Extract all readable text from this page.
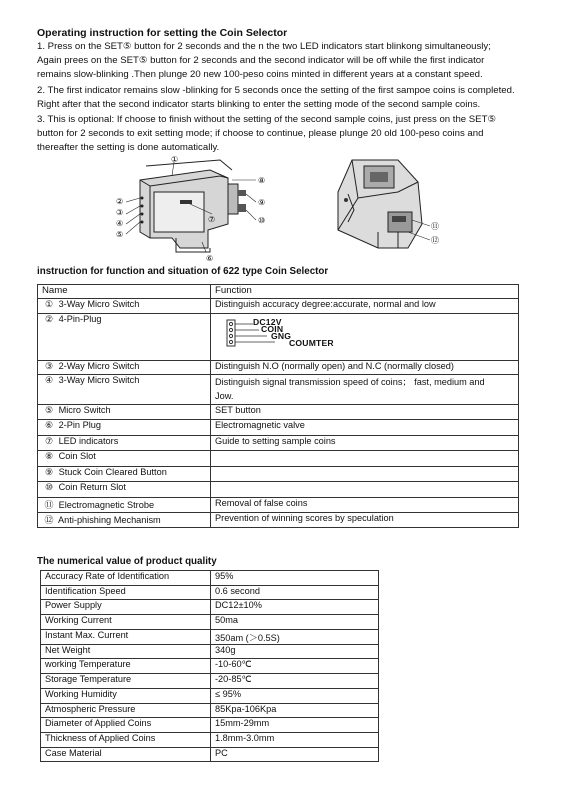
Operating instruction for setting the Coin Selector
1. Press on the SET⑤ button for 2 seconds and the n the two LED indicators start blinkong simultaneously;
Again prees on the SET⑤ button for 2 seconds and the second indicator will be off while the first indicator
remains slow-blinking .Then plunge 20 new 100-peso coins minted in different years at a constant speed.
2. The first indicator remains slow -blinking for 5 seconds once the setting of the first sampoe coins is completed.
Right after that the second indicator starts blinking to enter the setting mode of the second sample coins.
3. This is optional: If choose to finish without the setting of the second sample coins, just press on the SET⑤
button for 2 seconds to exit setting mode; if choose to continue, please plunge 20 old 100-peso coins and
thereafter the setting is done automatically.
①
②
③
④
⑤
⑥
⑦
⑧
⑨
⑩
⑪
⑫
instruction for function and situation of 622 type Coin Selector
Name	Function
① 3-Way Micro Switch	Distinguish accuracy degree:accurate, normal and low
② 4-Pin-Plug	DC12V
COIN
GNG
COUMTER

③ 2-Way Micro Switch	Distinguish N.O (normally open) and N.C (normally closed)
④ 3-Way Micro Switch	Distinguish signal transmission speed of coins； fast, medium and
Jow.

⑤ Micro Switch	SET button
⑥ 2-Pin Plug	Electromagnetic valve
⑦ LED indicators	Guide to setting sample coins
⑧ Coin Slot	
⑨ Stuck Coin Cleared Button	
⑩ Coin Return Slot	
⑪ Electromagnetic Strobe	Removal of false coins
⑫ Anti-phishing Mechanism	Prevention of winning scores by speculation
The numerical value of product quality
Accuracy Rate of Identification	95%
Identification Speed	0.6 second
Power Supply	DC12±10%
Working Current	50ma
Instant Max. Current	350am (＞0.5S)
Net Weight	340g
working Temperature	-10-60℃
Storage Temperature	-20-85℃
Working Humidity	≤ 95%
Atmospheric Pressure	85Kpa-106Kpa
Diameter of Applied Coins	15mm-29mm
Thickness of Applied Coins	1.8mm-3.0mm
Case Material	PC
